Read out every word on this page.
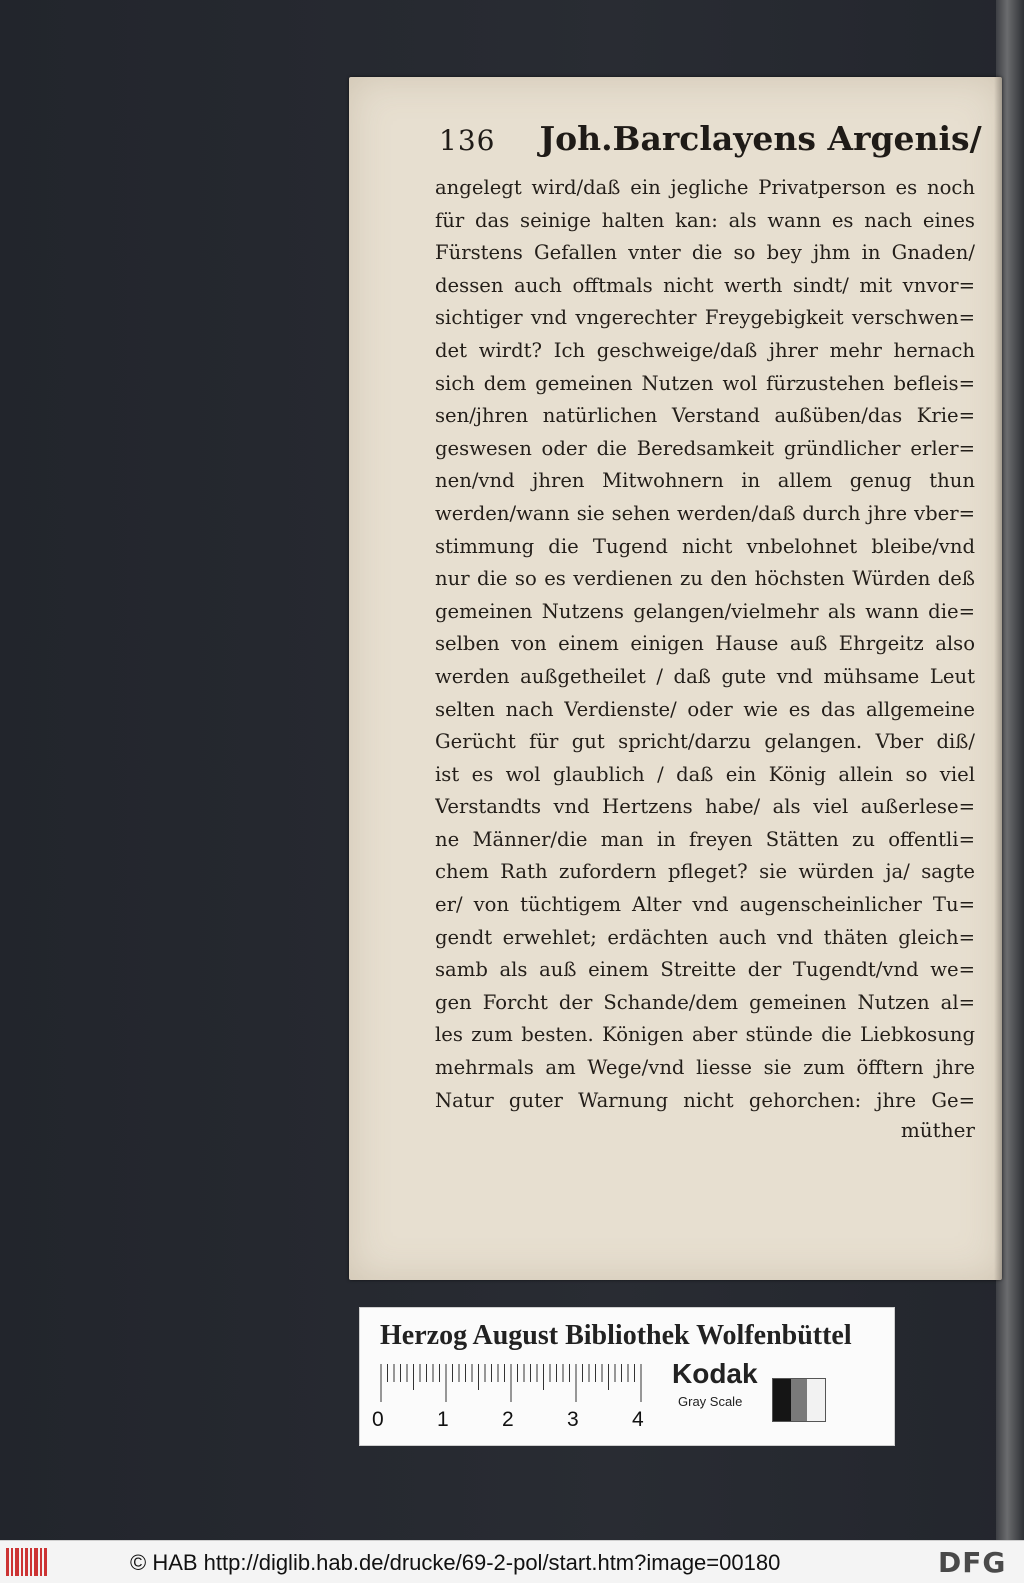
136 Joh.Barclayens Argenis/
angelegt wird/daß ein jegliche Privatperson es noch
für das seinige halten kan: als wann es nach eines
Fürstens Gefallen vnter die so bey jhm in Gnaden/
dessen auch offtmals nicht werth sindt/ mit vnvor=
sichtiger vnd vngerechter Freygebigkeit verschwen=
det wirdt? Ich geschweige/daß jhrer mehr hernach
sich dem gemeinen Nutzen wol fürzustehen befleis=
sen/jhren natürlichen Verstand außüben/das Krie=
geswesen oder die Beredsamkeit gründlicher erler=
nen/vnd jhren Mitwohnern in allem genug thun
werden/wann sie sehen werden/daß durch jhre vber=
stimmung die Tugend nicht vnbelohnet bleibe/vnd
nur die so es verdienen zu den höchsten Würden deß
gemeinen Nutzens gelangen/vielmehr als wann die=
selben von einem einigen Hause auß Ehrgeitz also
werden außgetheilet / daß gute vnd mühsame Leut
selten nach Verdienste/ oder wie es das allgemeine
Gerücht für gut spricht/darzu gelangen. Vber diß/
ist es wol glaublich / daß ein König allein so viel
Verstandts vnd Hertzens habe/ als viel außerlese=
ne Männer/die man in freyen Stätten zu offentli=
chem Rath zufordern pfleget? sie würden ja/ sagte
er/ von tüchtigem Alter vnd augenscheinlicher Tu=
gendt erwehlet; erdächten auch vnd thäten gleich=
samb als auß einem Streitte der Tugendt/vnd we=
gen Forcht der Schande/dem gemeinen Nutzen al=
les zum besten. Königen aber stünde die Liebkosung
mehrmals am Wege/vnd liesse sie zum öfftern jhre
Natur guter Warnung nicht gehorchen: jhre Ge=
müther
Herzog August Bibliothek Wolfenbüttel
0	1	2	3	4
Kodak
Gray Scale
© HAB http://diglib.hab.de/drucke/69-2-pol/start.htm?image=00180	DFG
